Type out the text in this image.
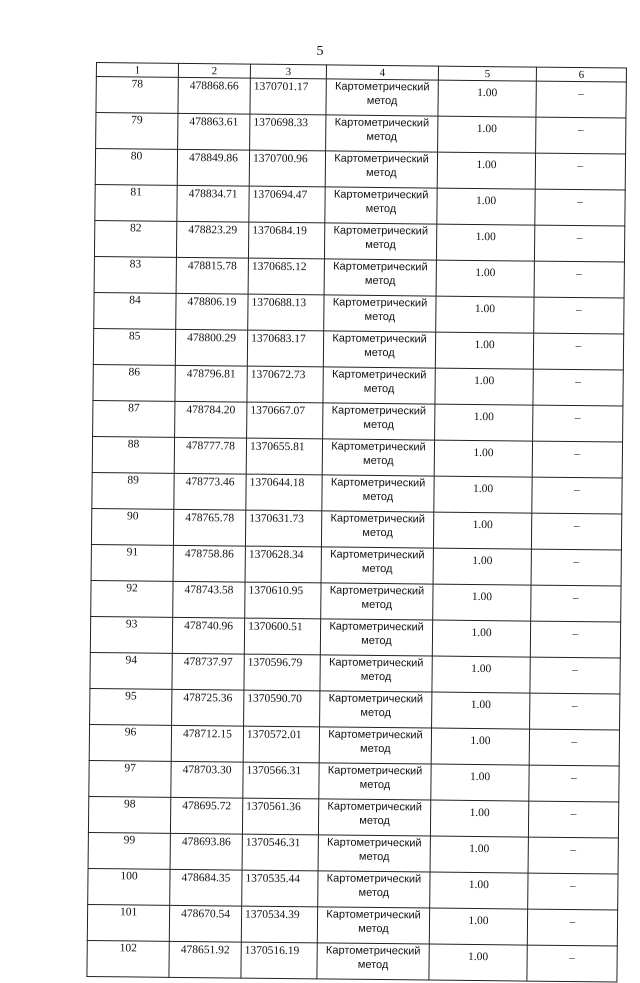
5
1	2	3	4	5	6
78	478868.66	1370701.17	Картометрический метод	1.00	–
79	478863.61	1370698.33	Картометрический метод	1.00	–
80	478849.86	1370700.96	Картометрический метод	1.00	–
81	478834.71	1370694.47	Картометрический метод	1.00	–
82	478823.29	1370684.19	Картометрический метод	1.00	–
83	478815.78	1370685.12	Картометрический метод	1.00	–
84	478806.19	1370688.13	Картометрический метод	1.00	–
85	478800.29	1370683.17	Картометрический метод	1.00	–
86	478796.81	1370672.73	Картометрический метод	1.00	–
87	478784.20	1370667.07	Картометрический метод	1.00	–
88	478777.78	1370655.81	Картометрический метод	1.00	–
89	478773.46	1370644.18	Картометрический метод	1.00	–
90	478765.78	1370631.73	Картометрический метод	1.00	–
91	478758.86	1370628.34	Картометрический метод	1.00	–
92	478743.58	1370610.95	Картометрический метод	1.00	–
93	478740.96	1370600.51	Картометрический метод	1.00	–
94	478737.97	1370596.79	Картометрический метод	1.00	–
95	478725.36	1370590.70	Картометрический метод	1.00	–
96	478712.15	1370572.01	Картометрический метод	1.00	–
97	478703.30	1370566.31	Картометрический метод	1.00	–
98	478695.72	1370561.36	Картометрический метод	1.00	–
99	478693.86	1370546.31	Картометрический метод	1.00	–
100	478684.35	1370535.44	Картометрический метод	1.00	–
101	478670.54	1370534.39	Картометрический метод	1.00	–
102	478651.92	1370516.19	Картометрический метод	1.00	–
